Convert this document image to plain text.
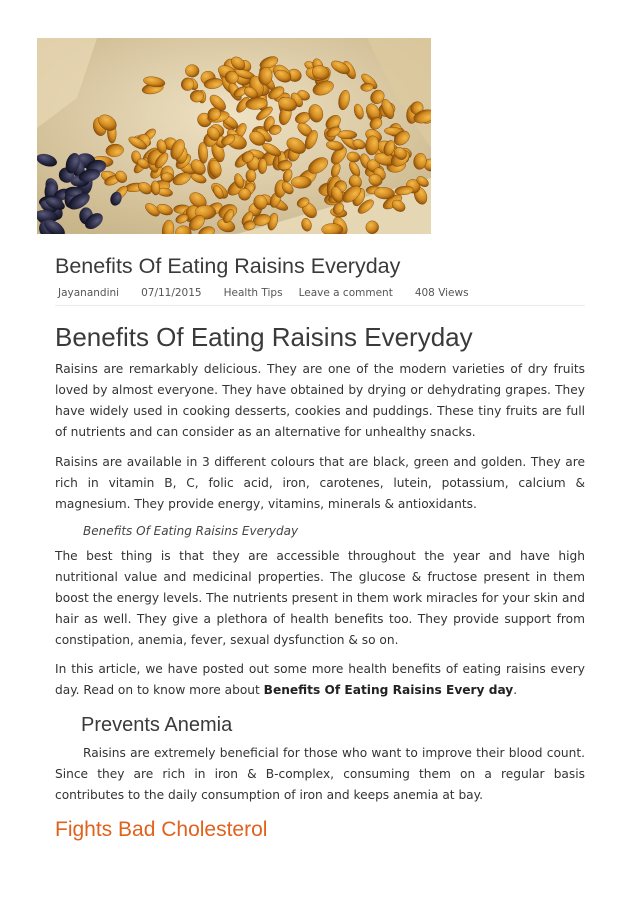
Benefits Of Eating Raisins Everyday
Jayanandini 07/11/2015 Health Tips Leave a comment 408 Views
Benefits Of Eating Raisins Everyday

Raisins are remarkably delicious. They are one of the modern varieties of dry fruits loved by almost everyone. They have obtained by drying or dehydrating grapes. They have widely used in cooking desserts, cookies and puddings. These tiny fruits are full of nutrients and can consider as an alternative for unhealthy snacks.

Raisins are available in 3 different colours that are black, green and golden. They are rich in vitamin B, C, folic acid, iron, carotenes, lutein, potassium, calcium & magnesium. They provide energy, vitamins, minerals & antioxidants.

Benefits Of Eating Raisins Everyday

The best thing is that they are accessible throughout the year and have high nutritional value and medicinal properties. The glucose & fructose present in them boost the energy levels. The nutrients present in them work miracles for your skin and hair as well. They give a plethora of health benefits too. They provide support from constipation, anemia, fever, sexual dysfunction & so on.

In this article, we have posted out some more health benefits of eating raisins every day. Read on to know more about Benefits Of Eating Raisins Every day.

Prevents Anemia

Raisins are extremely beneficial for those who want to improve their blood count. Since they are rich in iron & B-complex, consuming them on a regular basis contributes to the daily consumption of iron and keeps anemia at bay.

Fights Bad Cholesterol
